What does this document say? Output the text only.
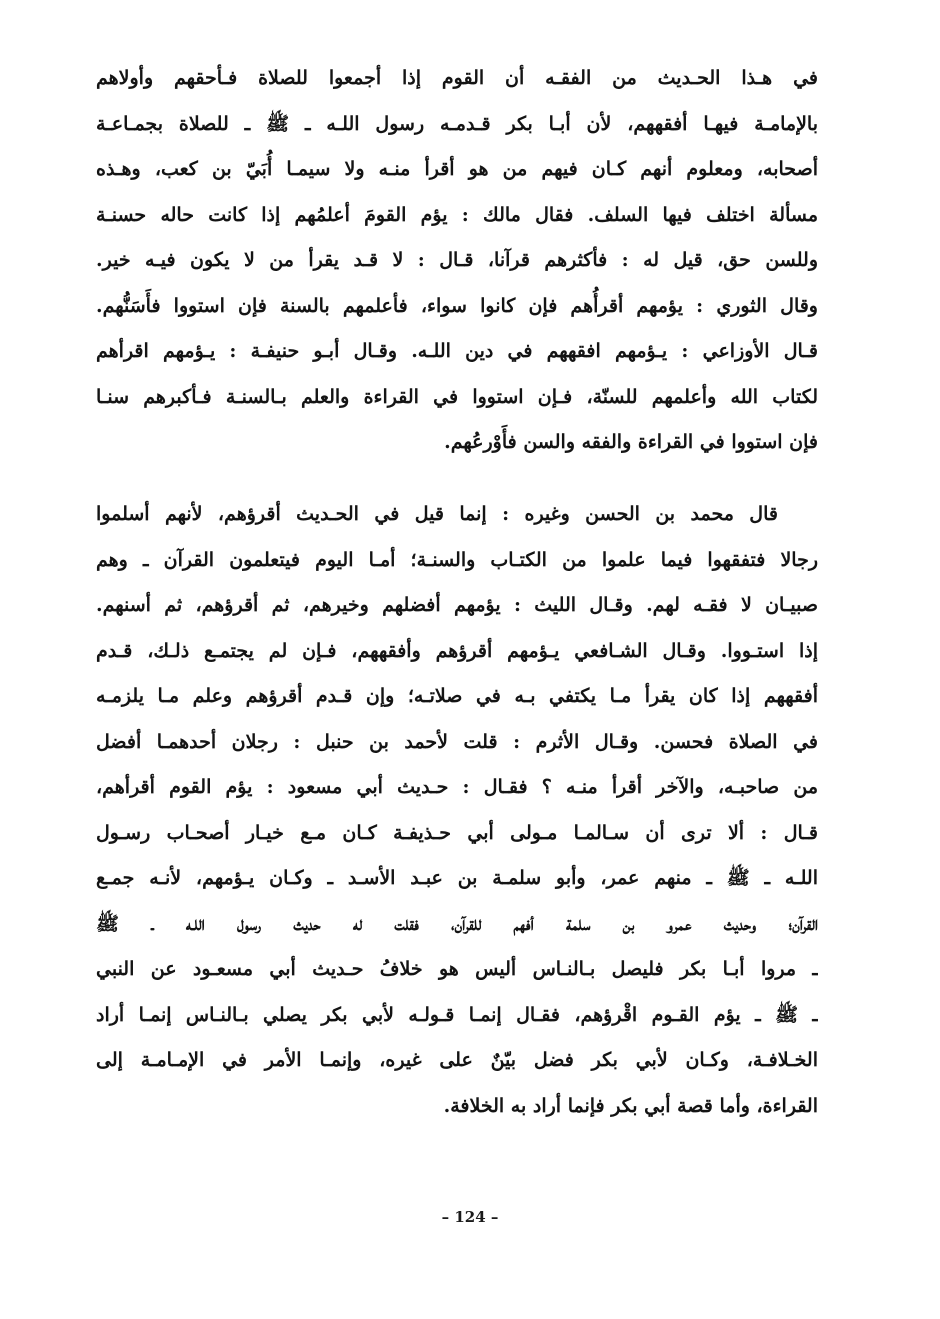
في هـذا الحـديث من الفقـه أن القوم إذا أجمعوا للصلاة فـأحقهم وأولاهم
بالإمامـة فيهـا أفقههم، لأن أبـا بكر قـدمـه رسول اللـه ـ ﷺ ـ للصلاة بجمـاعـة
أصحابه، ومعلوم أنهم كـان فيهم من هو أقرأ منـه ولا سيمـا أُبَيّ بن كعب، وهـذه
مسألة اختلف فيها السلف. فقال مالك : يؤم القومَ أعلمُهم إذا كانت حاله حسنـة
وللسن حق، قيل له : فأكثرهم قرآنا، قـال : لا قـد يقرأ من لا يكون فيـه خير.
وقال الثوري : يؤمهم أقرأُهم فإن كانوا سواء، فأعلمهم بالسنة فإن استووا فأَسَنُّهم.
قـال الأوزاعي : يـؤمهم افقههم في دين اللـه. وقـال أبـو حنيفـة : يـؤمهم اقرأهم
لكتاب الله وأعلمهم للسنّة، فـإن استووا في القراءة والعلم بـالسنـة فـأكبرهم سنـا
فإن استووا في القراءة والفقه والسن فأَوْرعُهم.
قال محمد بن الحسن وغيره : إنما قيل في الحـديث أقرؤهم، لأنهم أسلموا
رجالا فتفقهوا فيما علموا من الكتـاب والسنـة؛ أمـا اليوم فيتعلمون القرآن ـ وهم
صبيـان لا فقـه لهم. وقـال الليث : يؤمهم أفضلهم وخيرهم، ثم أقرؤهم، ثم أسنهم.
إذا استـووا. وقـال الشـافعي يـؤمهم أقرؤهم وأفقههم، فـإن لم يجتمـع ذلـك، قـدم
أفقههم إذا كان يقرأ مـا يكتفي بـه في صلاتـه؛ وإن قـدم أقرؤهم وعلم مـا يلزمـه
في الصلاة فحسن. وقـال الأثرم : قلت لأحمد بن حنبل : رجلان أحدهمـا أفضل
من صاحبـه، والآخر أقرأ منـه ؟ فقـال : حـديث أبي مسعود : يؤم القوم أقرأهم،
قـال : ألا ترى أن سـالمـا مـولى أبي حـذيفـة كـان مـع خيـار أصحـاب رسـول
اللـه ـ ﷺ ـ منهم عمر، وأبو سلمـة بن عبـد الأسـد ـ وكـان يـؤمهم، لأنـه جمـع
القرآن؛ وحديث عمرو بن سلمة أفهم للقرآن، فقلت له حديث رسول اللـه ـ ﷺ
ـ مروا أبـا بكر فليصل بـالنـاس أليس هو خلافُ حـديث أبي مسعـود عن النبي
ـ ﷺ ـ يؤم القـوم اقْرؤهم، فقـال إنمـا قـولـه لأبي بكر يصلي بـالنـاس إنمـا أراد
الخـلافـة، وكـان لأبي بكر فضل بيّنٌ على غيره، وإنمـا الأمر في الإمـامـة إلى
القراءة، وأما قصة أبي بكر فإنما أراد به الخلافة.
– 124 –
